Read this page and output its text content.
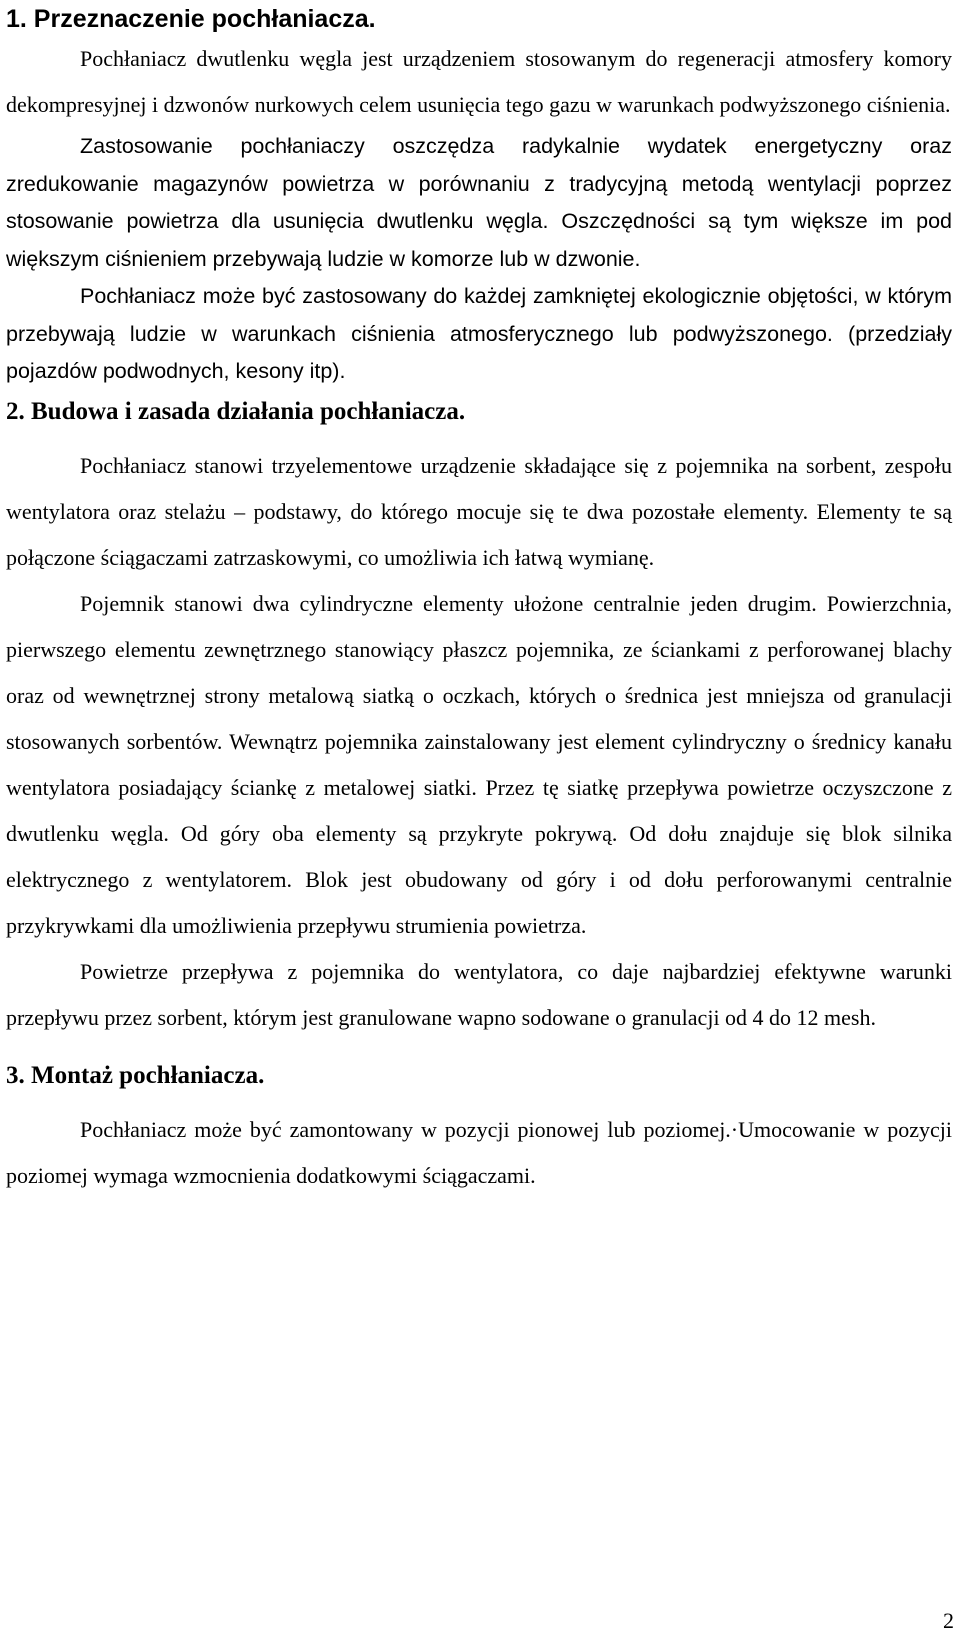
1. Przeznaczenie pochłaniacza.

Pochłaniacz dwutlenku węgla jest urządzeniem stosowanym do regeneracji atmosfery komory dekompresyjnej i dzwonów nurkowych celem usunięcia tego gazu w warunkach podwyższonego ciśnienia.

Zastosowanie pochłaniaczy oszczędza radykalnie wydatek energetyczny oraz zredukowanie magazynów powietrza w porównaniu z tradycyjną metodą wentylacji poprzez stosowanie powietrza dla usunięcia dwutlenku węgla. Oszczędności są tym większe im pod większym ciśnieniem przebywają ludzie w komorze lub w dzwonie.

Pochłaniacz może być zastosowany do każdej zamkniętej ekologicznie objętości, w którym przebywają ludzie w warunkach ciśnienia atmosferycznego lub podwyższonego. (przedziały pojazdów podwodnych, kesony itp).

2. Budowa i zasada działania pochłaniacza.

Pochłaniacz stanowi trzyelementowe urządzenie składające się z pojemnika na sorbent, zespołu wentylatora oraz stelażu – podstawy, do którego mocuje się te dwa pozostałe elementy. Elementy te są połączone ściągaczami zatrzaskowymi, co umożliwia ich łatwą wymianę.

Pojemnik stanowi dwa cylindryczne elementy ułożone centralnie jeden drugim. Powierzchnia, pierwszego elementu zewnętrznego stanowiący płaszcz pojemnika, ze ściankami z perforowanej blachy oraz od wewnętrznej strony metalową siatką o oczkach, których o średnica jest mniejsza od granulacji stosowanych sorbentów. Wewnątrz pojemnika zainstalowany jest element cylindryczny o średnicy kanału wentylatora posiadający ściankę z metalowej siatki. Przez tę siatkę przepływa powietrze oczyszczone z dwutlenku węgla. Od góry oba elementy są przykryte pokrywą. Od dołu znajduje się blok silnika elektrycznego z wentylatorem. Blok jest obudowany od góry i od dołu perforowanymi centralnie przykrywkami dla umożliwienia przepływu strumienia powietrza.

Powietrze przepływa z pojemnika do wentylatora, co daje najbardziej efektywne warunki przepływu przez sorbent, którym jest granulowane wapno sodowane o granulacji od 4 do 12 mesh.

3. Montaż pochłaniacza.

Pochłaniacz może być zamontowany w pozycji pionowej lub poziomej.·Umocowanie w pozycji poziomej wymaga wzmocnienia dodatkowymi ściągaczami.

2
